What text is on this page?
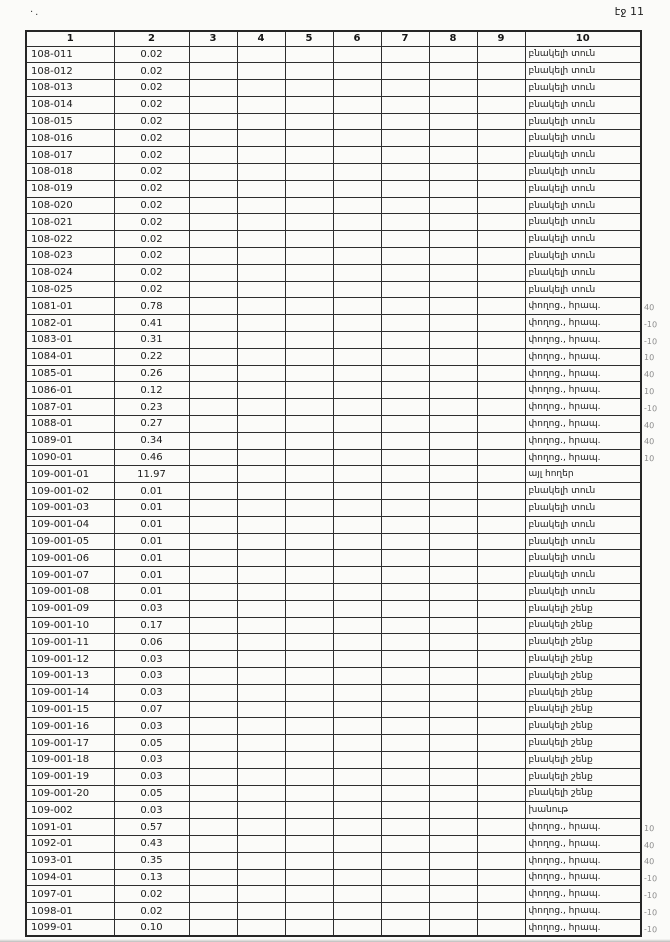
·.	էջ 11
1	2	3	4	5	6	7	8	9	10
108-011	0.02								բնակելի տուն
108-012	0.02								բնակելի տուն
108-013	0.02								բնակելի տուն
108-014	0.02								բնակելի տուն
108-015	0.02								բնակելի տուն
108-016	0.02								բնակելի տուն
108-017	0.02								բնակելի տուն
108-018	0.02								բնակելի տուն
108-019	0.02								բնակելի տուն
108-020	0.02								բնակելի տուն
108-021	0.02								բնակելի տուն
108-022	0.02								բնակելի տուն
108-023	0.02								բնակելի տուն
108-024	0.02								բնակելի տուն
108-025	0.02								բնակելի տուն
1081-01	0.78								փողոց., հրապ.
1082-01	0.41								փողոց., հրապ.
1083-01	0.31								փողոց., հրապ.
1084-01	0.22								փողոց., հրապ.
1085-01	0.26								փողոց., հրապ.
1086-01	0.12								փողոց., հրապ.
1087-01	0.23								փողոց., հրապ.
1088-01	0.27								փողոց., հրապ.
1089-01	0.34								փողոց., հրապ.
1090-01	0.46								փողոց., հրապ.
109-001-01	11.97								այլ հողեր
109-001-02	0.01								բնակելի տուն
109-001-03	0.01								բնակելի տուն
109-001-04	0.01								բնակելի տուն
109-001-05	0.01								բնակելի տուն
109-001-06	0.01								բնակելի տուն
109-001-07	0.01								բնակելի տուն
109-001-08	0.01								բնակելի տուն
109-001-09	0.03								բնակելի շենք
109-001-10	0.17								բնակելի շենք
109-001-11	0.06								բնակելի շենք
109-001-12	0.03								բնակելի շենք
109-001-13	0.03								բնակելի շենք
109-001-14	0.03								բնակելի շենք
109-001-15	0.07								բնակելի շենք
109-001-16	0.03								բնակելի շենք
109-001-17	0.05								բնակելի շենք
109-001-18	0.03								բնակելի շենք
109-001-19	0.03								բնակելի շենք
109-001-20	0.05								բնակելի շենք
109-002	0.03								խանութ
1091-01	0.57								փողոց., հրապ.
1092-01	0.43								փողոց., հրապ.
1093-01	0.35								փողոց., հրապ.
1094-01	0.13								փողոց., հրապ.
1097-01	0.02								փողոց., հրապ.
1098-01	0.02								փողոց., հրապ.
1099-01	0.10								փողոց., հրապ.
40
-10
-10
10
40
10
-10
40
40
10
10
40
40
-10
-10
-10
-10
